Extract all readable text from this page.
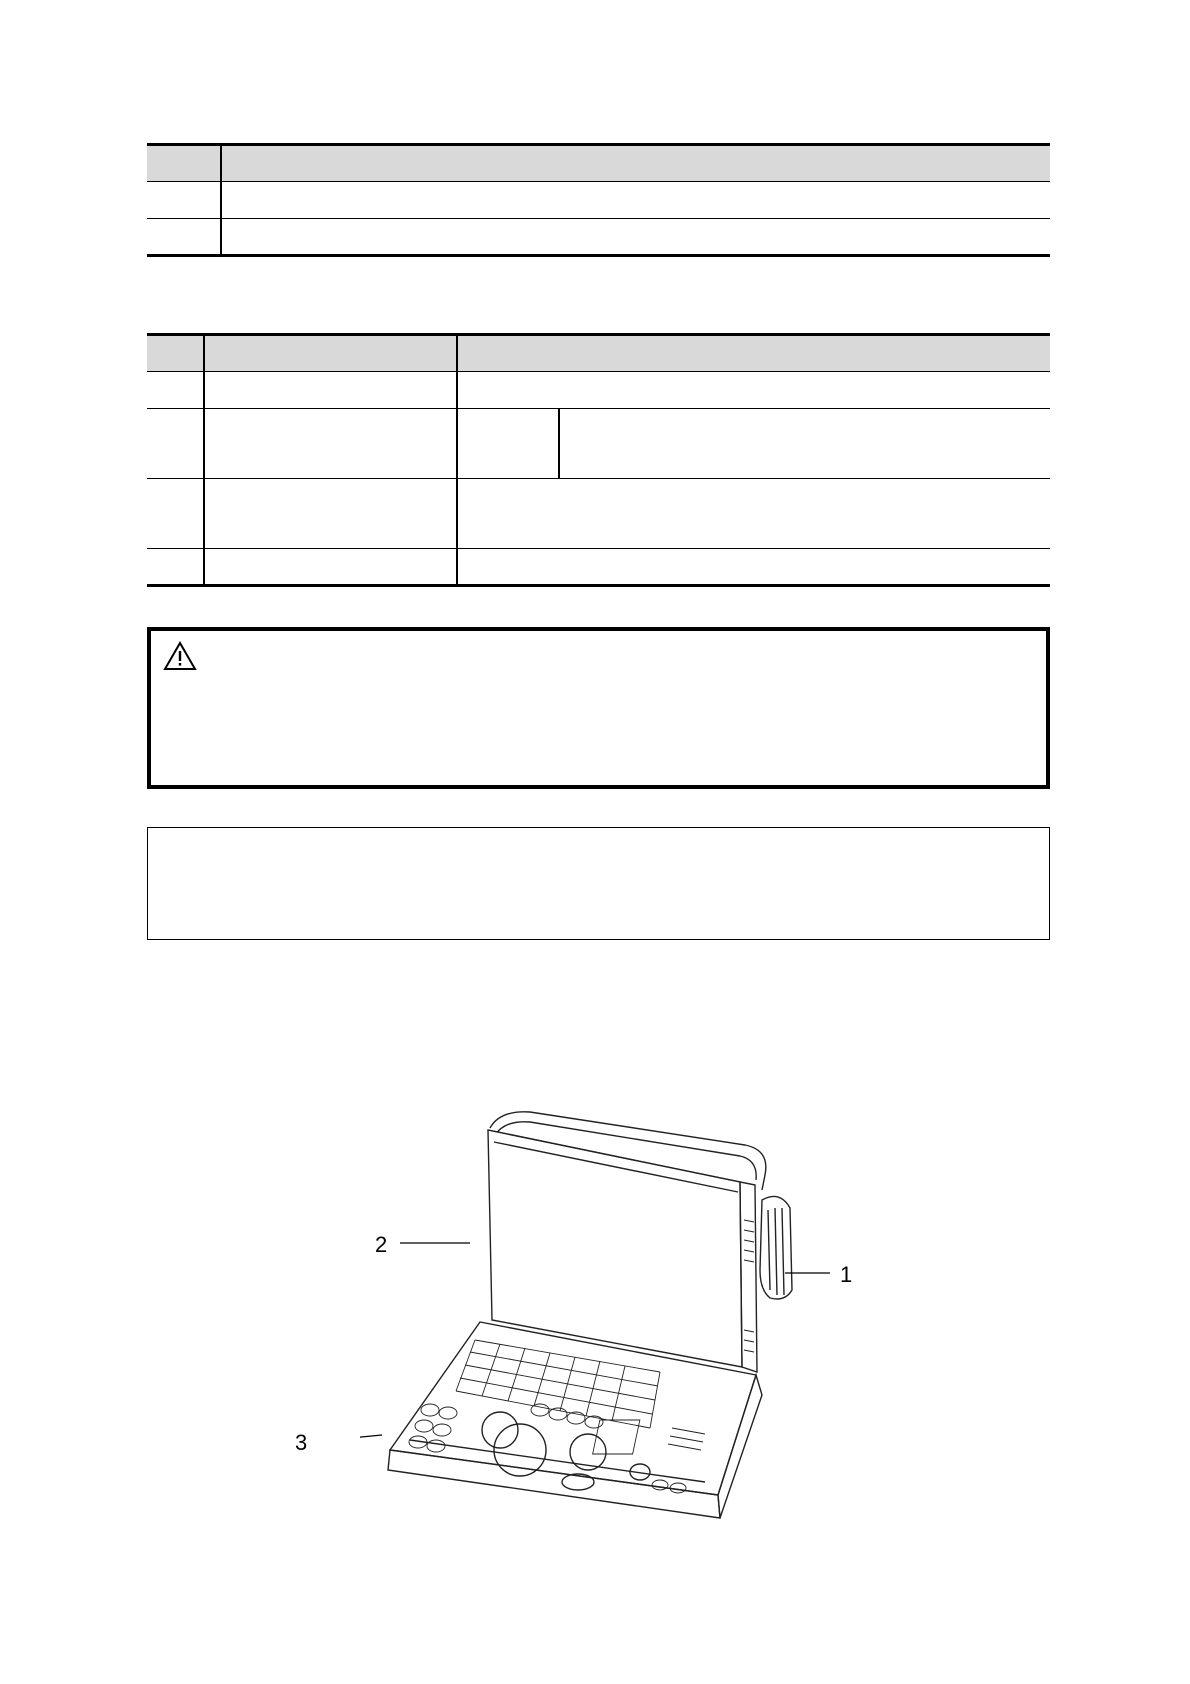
2
1
3
